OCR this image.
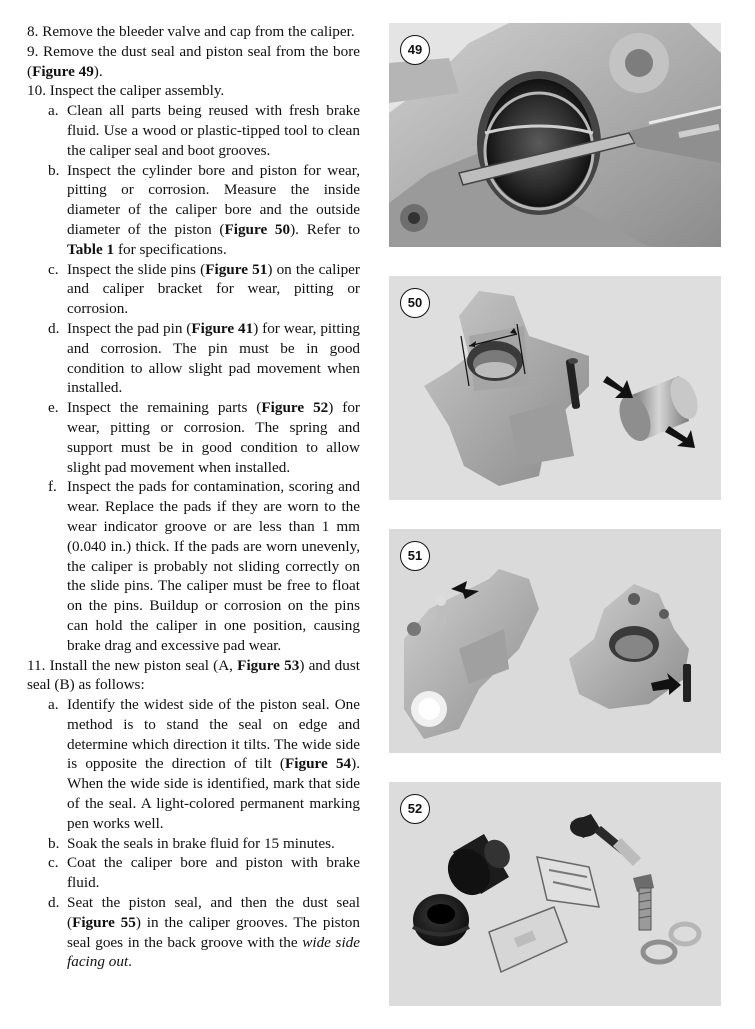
8. Remove the bleeder valve and cap from the caliper.

9. Remove the dust seal and piston seal from the bore (Figure 49).

10. Inspect the caliper assembly.

a. Clean all parts being reused with fresh brake fluid. Use a wood or plastic-tipped tool to clean the caliper seal and boot grooves.

b. Inspect the cylinder bore and piston for wear, pitting or corrosion. Measure the inside diameter of the caliper bore and the outside diameter of the piston (Figure 50). Refer to Table 1 for specifications.

c. Inspect the slide pins (Figure 51) on the caliper and caliper bracket for wear, pitting or corrosion.

d. Inspect the pad pin (Figure 41) for wear, pitting and corrosion. The pin must be in good condition to allow slight pad movement when installed.

e. Inspect the remaining parts (Figure 52) for wear, pitting or corrosion. The spring and support must be in good condition to allow slight pad movement when installed.

f. Inspect the pads for contamination, scoring and wear. Replace the pads if they are worn to the wear indicator groove or are less than 1 mm (0.040 in.) thick. If the pads are worn unevenly, the caliper is probably not sliding correctly on the slide pins. The caliper must be free to float on the pins. Buildup or corrosion on the pins can hold the caliper in one position, causing brake drag and excessive pad wear.

11. Install the new piston seal (A, Figure 53) and dust seal (B) as follows:

a. Identify the widest side of the piston seal. One method is to stand the seal on edge and determine which direction it tilts. The wide side is opposite the direction of tilt (Figure 54). When the wide side is identified, mark that side of the seal. A light-colored permanent marking pen works well.

b. Soak the seals in brake fluid for 15 minutes.

c. Coat the caliper bore and piston with brake fluid.

d. Seat the piston seal, and then the dust seal (Figure 55) in the caliper grooves. The piston seal goes in the back groove with the wide side facing out.

49
50
51
52
